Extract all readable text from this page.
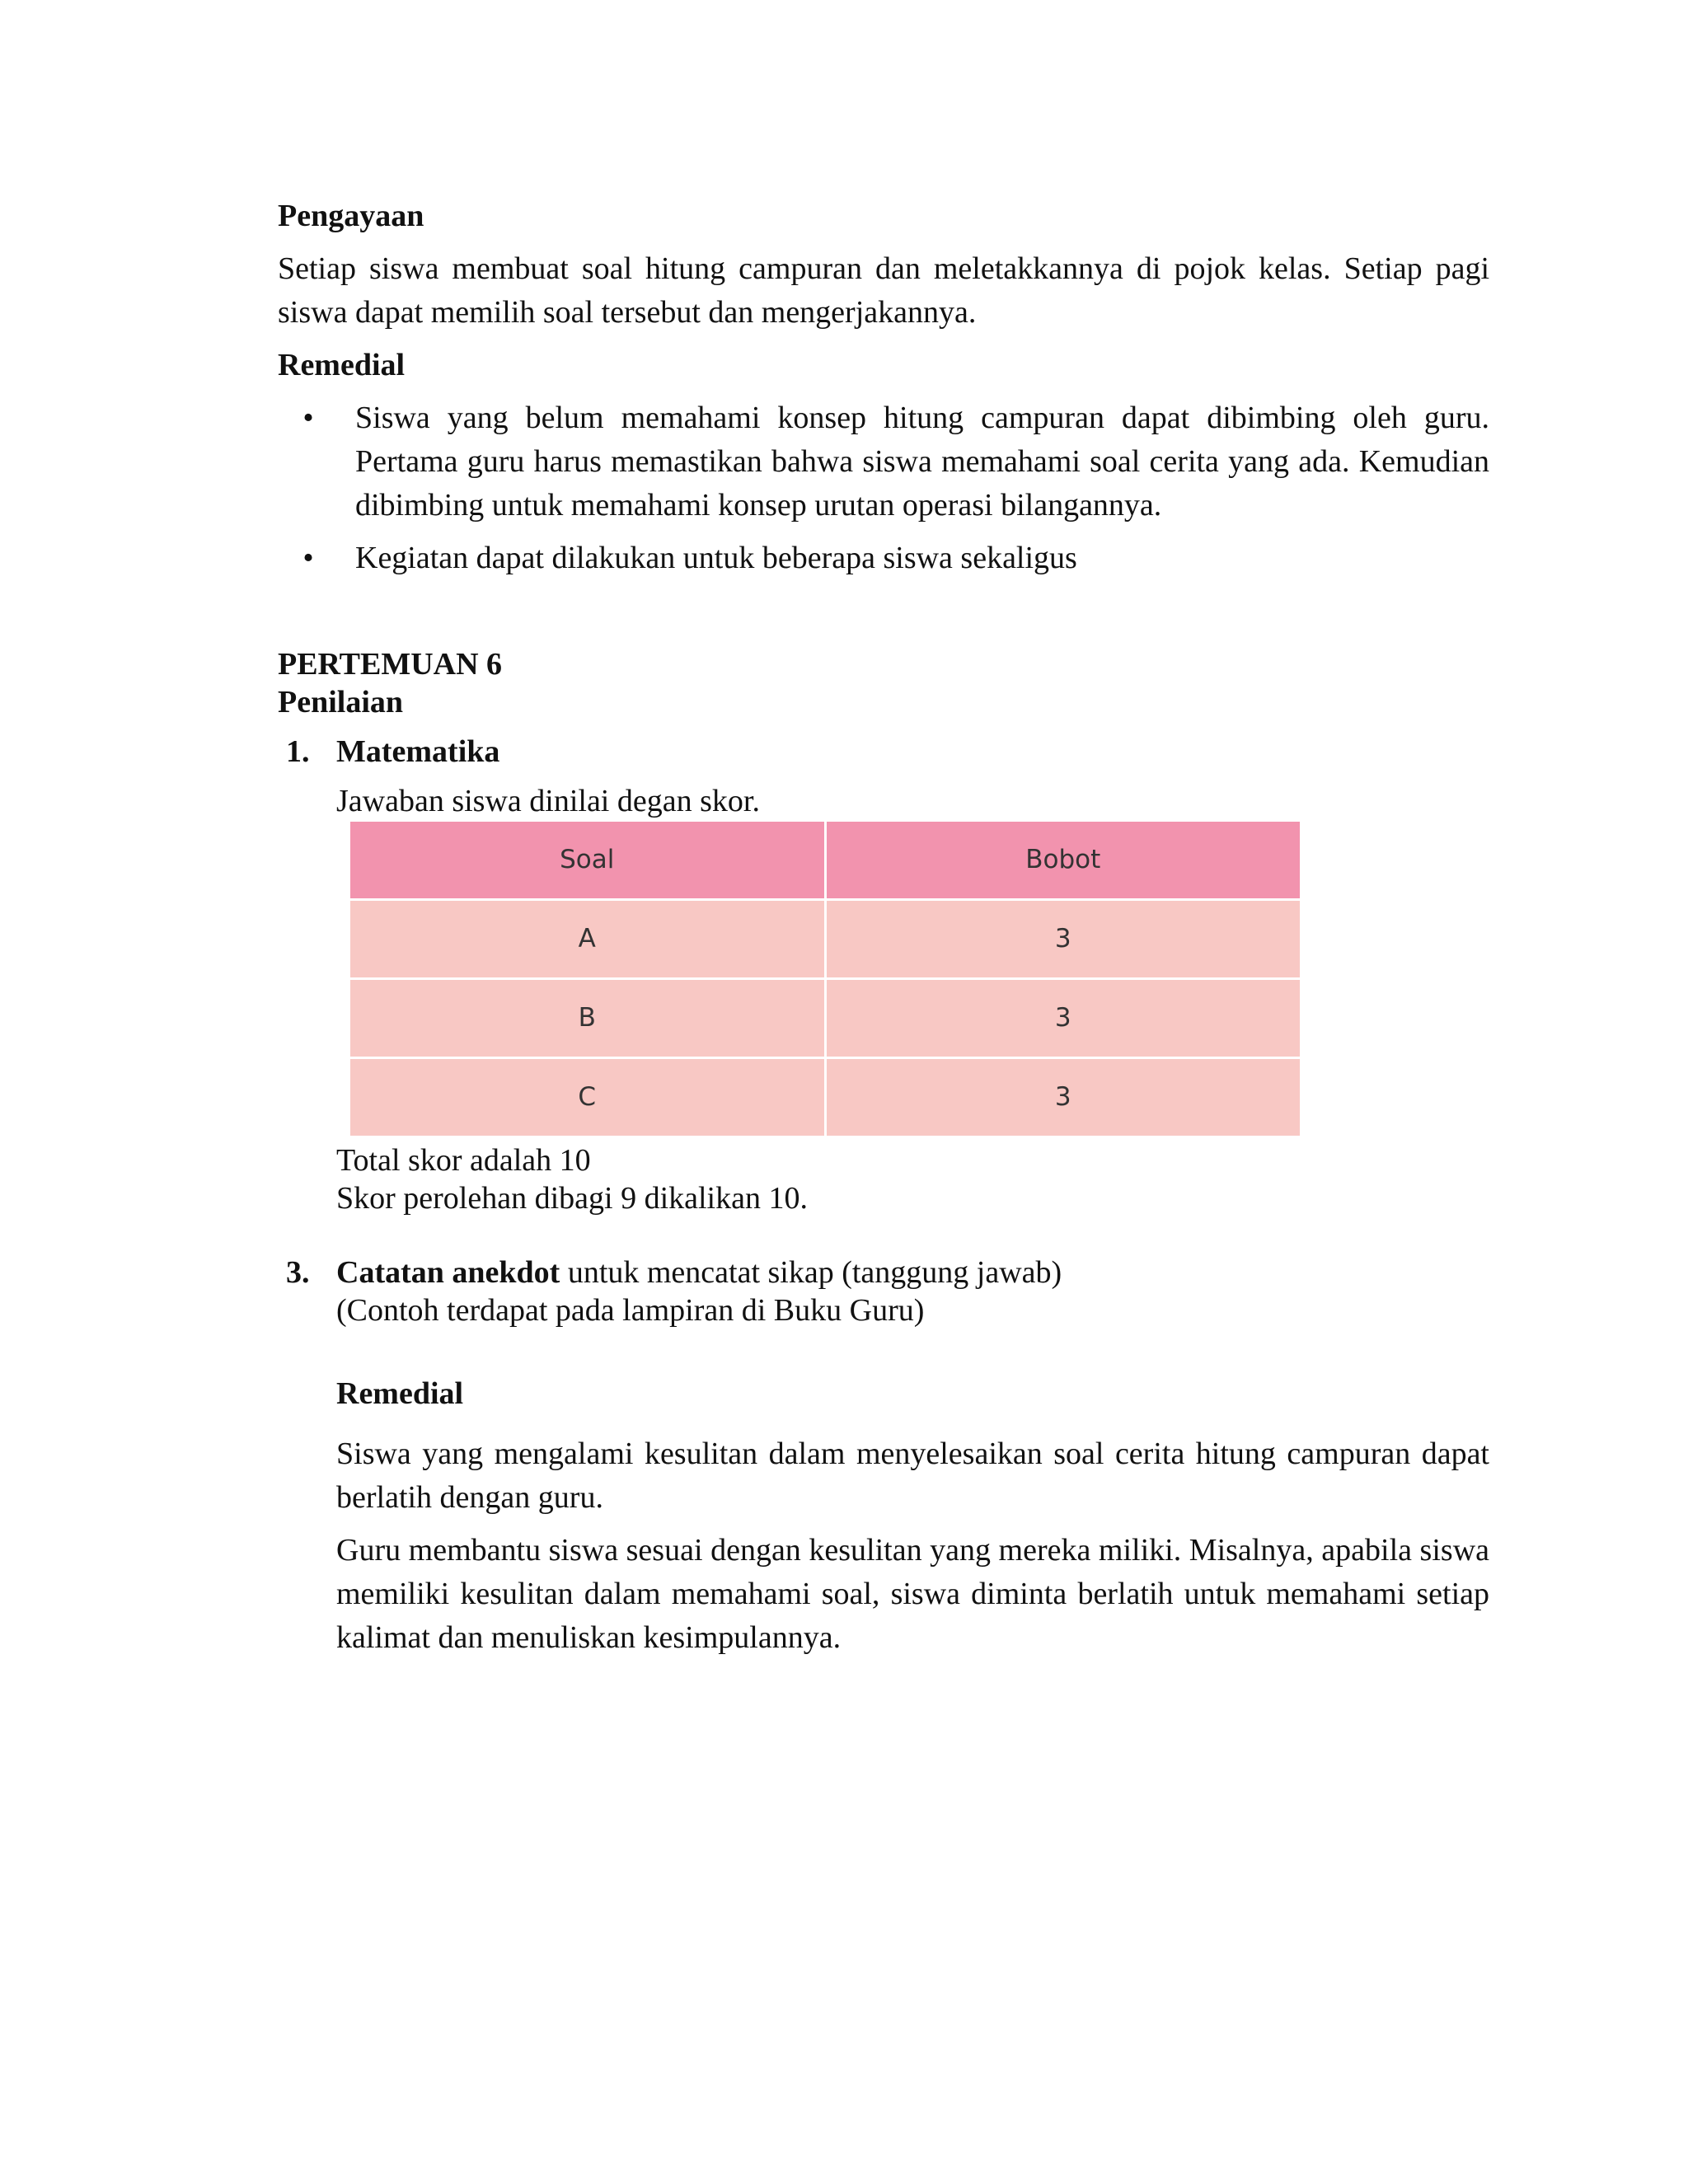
Pengayaan

Setiap siswa membuat soal hitung campuran dan meletakkannya di pojok kelas. Setiap pagi siswa dapat memilih soal tersebut dan mengerjakannya.

Remedial

• Siswa yang belum memahami konsep hitung campuran dapat dibimbing oleh guru. Pertama guru harus memastikan bahwa siswa memahami soal cerita yang ada. Kemudian dibimbing untuk memahami konsep urutan operasi bilangannya.
• Kegiatan dapat dilakukan untuk beberapa siswa sekaligus

PERTEMUAN 6

Penilaian

1. Matematika

Jawaban siswa dinilai degan skor.

Soal	Bobot
A	3
B	3
C	3

Total skor adalah 10

Skor perolehan dibagi 9 dikalikan 10.

3. Catatan anekdot untuk mencatat sikap (tanggung jawab)

(Contoh terdapat pada lampiran di Buku Guru)

Remedial

Siswa yang mengalami kesulitan dalam menyelesaikan soal cerita hitung campuran dapat berlatih dengan guru.

Guru membantu siswa sesuai dengan kesulitan yang mereka miliki. Misalnya, apabila siswa memiliki kesulitan dalam memahami soal, siswa diminta berlatih untuk memahami setiap kalimat dan menuliskan kesimpulannya.
